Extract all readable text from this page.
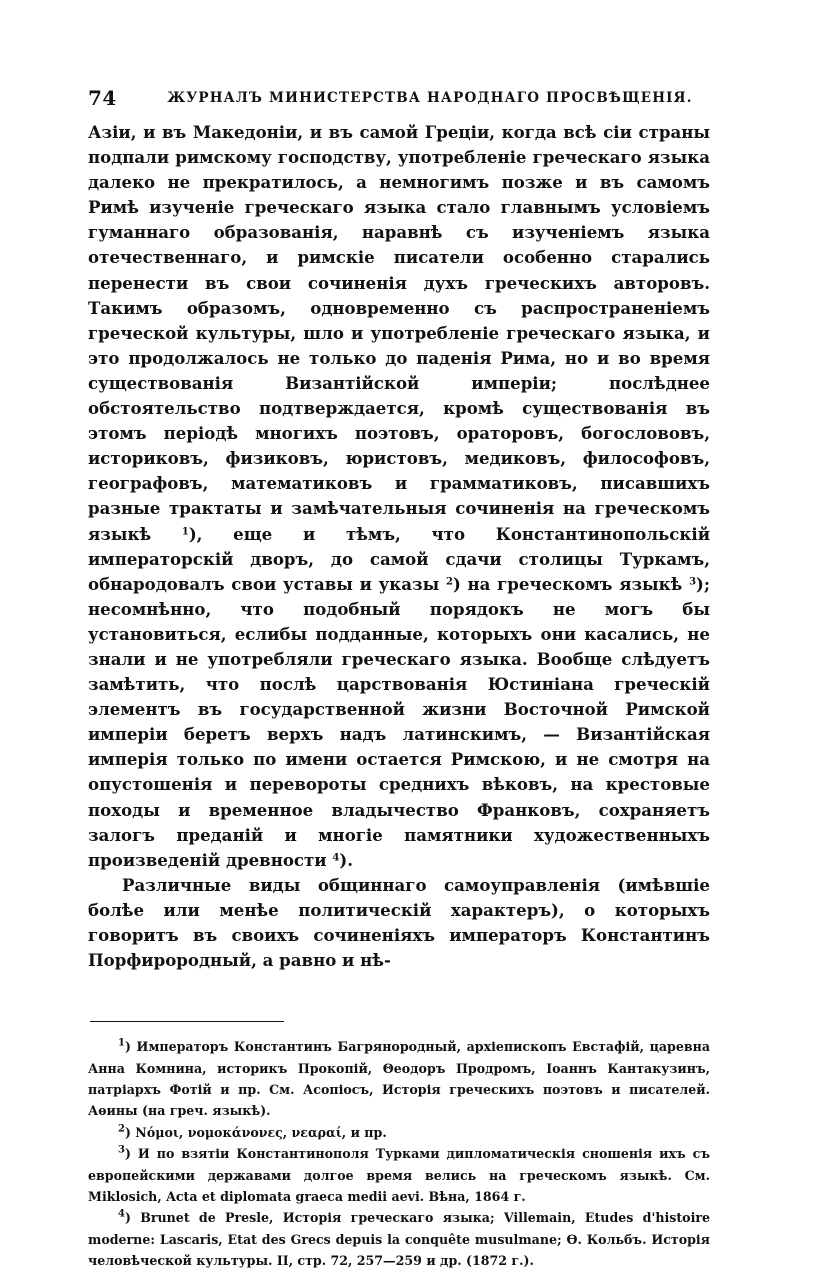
74	ЖУРНАЛЪ МИНИСТЕРСТВА НАРОДНАГО ПРОСВѢЩЕНІЯ.

Азіи, и въ Македоніи, и въ самой Греціи, когда всѣ сіи страны подпали римскому господству, употребленіе греческаго языка далеко не прекратилось, а немногимъ позже и въ самомъ Римѣ изученіе греческаго языка стало главнымъ условіемъ гуманнаго образованія, наравнѣ съ изученіемъ языка отечественнаго, и римскіе писатели особенно старались перенести въ свои сочиненія духъ греческихъ авторовъ. Такимъ образомъ, одновременно съ распространеніемъ греческой культуры, шло и употребленіе греческаго языка, и это продолжалось не только до паденія Рима, но и во время существованія Византійской имперіи; послѣднее обстоятельство подтверждается, кромѣ существованія въ этомъ періодѣ многихъ поэтовъ, ораторовъ, богослововъ, историковъ, физиковъ, юристовъ, медиковъ, философовъ, географовъ, математиковъ и грамматиковъ, писавшихъ разные трактаты и замѣчательныя сочиненія на греческомъ языкѣ	$^1$), еще и тѣмъ, что Константинопольскій императорскій дворъ, до самой сдачи столицы Туркамъ, обнародовалъ свои уставы и указы $^2$) на греческомъ языкѣ $^3$); несомнѣнно, что подобный порядокъ не могъ бы установиться, еслибы подданные, которыхъ они касались, не знали и не употребляли греческаго языка. Вообще слѣдуетъ замѣтить, что послѣ царствованія Юстиніана греческій элементъ въ государственной жизни Восточной Римской имперіи беретъ верхъ надъ латинскимъ, — Византійская имперія только по имени остается Римскою, и не смотря на опустошенія и перевороты среднихъ вѣковъ, на крестовые походы и временное владычество Франковъ, сохраняетъ залогъ преданій и многіе памятники художественныхъ произведеній древности $^4$).

Различные виды общиннаго самоуправленія (имѣвшіе болѣе или менѣе политическій характеръ), о которыхъ говоритъ въ своихъ сочиненіяхъ императоръ Константинъ Порфирородный, а равно и нѣ-

$^1$) Императоръ Константинъ Багрянородный, архіепископъ Евстафій, царевна Анна Комнина, историкъ Прокопій, Θеодоръ Продромъ, Іоаннъ Кантакузинъ, патріархъ Фотій и пр. См. Асопіосъ, Исторія греческихъ поэтовъ и писателей. Аѳины (на греч. языкѣ).

$^2$) Νόμοι, νομοκάνονες, νεαραί, и пр.

$^3$) И по взятіи Константинополя Турками дипломатическія сношенія ихъ съ европейскими державами долгое время велись на греческомъ языкѣ. См. Miklosich, Acta et diplomata graeca medii aevi. Вѣна, 1864 г.

$^4$) Brunet de Presle, Исторія греческаго языка; Villemain, Etudes d'histoire moderne: Lascaris, Etat des Grecs depuis la conquête musulmane; Ѳ. Кольбъ. Исторія человѣческой культуры. II, стр. 72, 257—259 и др. (1872 г.).
